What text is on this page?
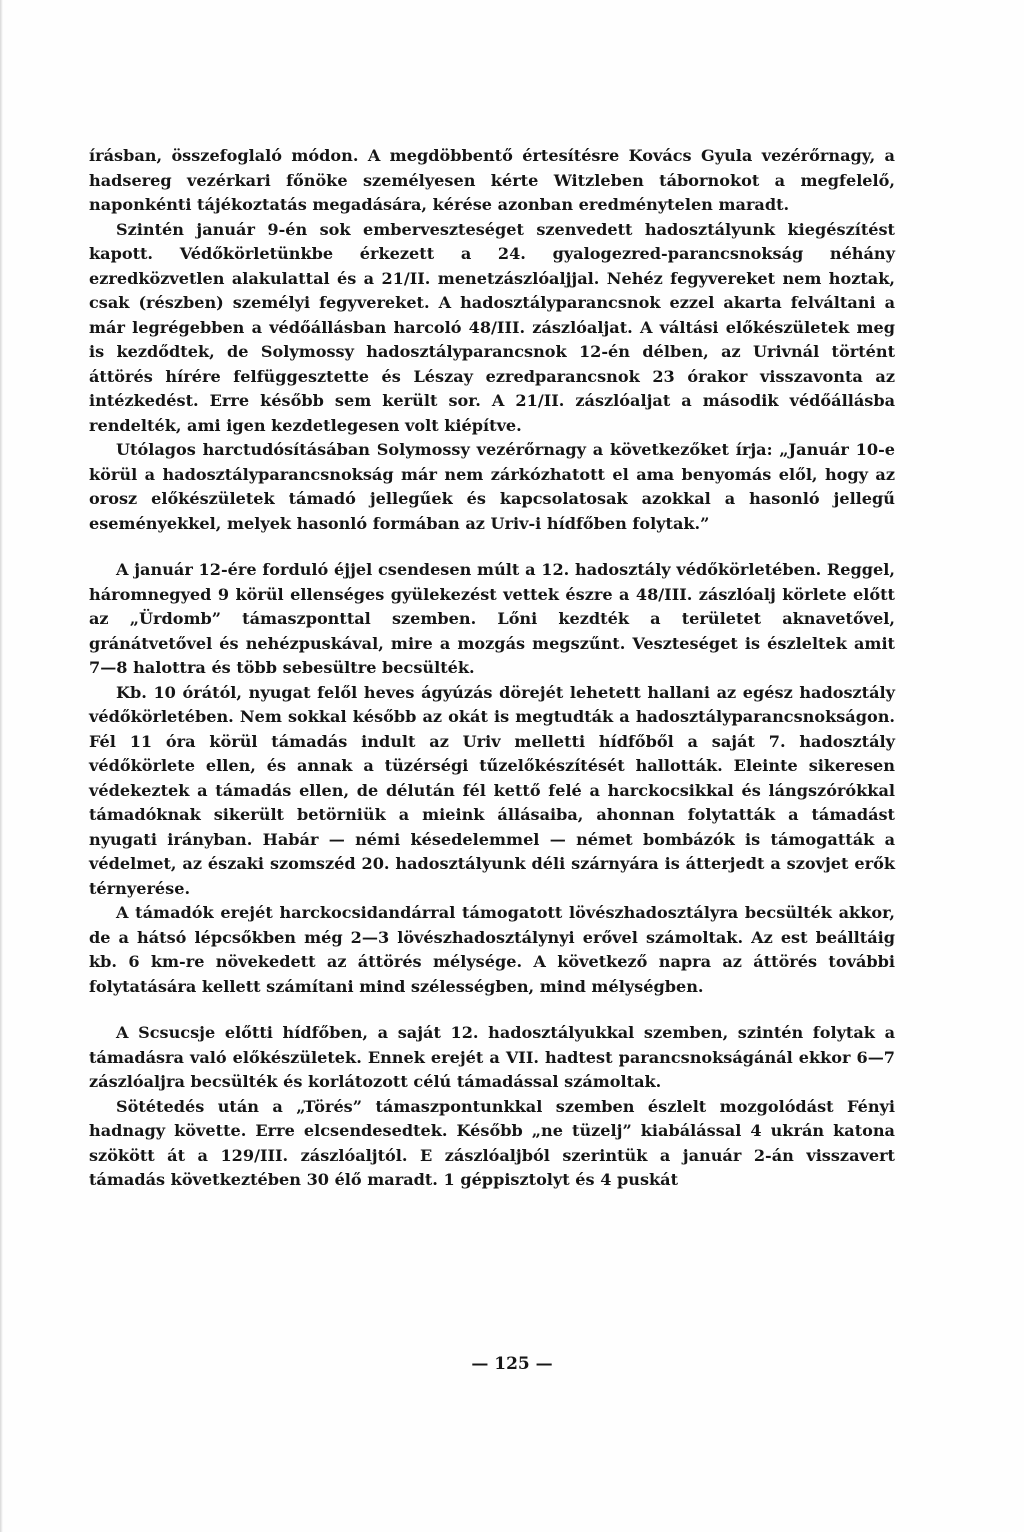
írásban, összefoglaló módon. A megdöbbentő értesítésre Kovács Gyula vezérőrnagy, a hadsereg vezérkari főnöke személyesen kérte Witzleben tábornokot a megfelelő, naponkénti tájékoztatás megadására, kérése azonban eredménytelen maradt.

Szintén január 9-én sok emberveszteséget szenvedett hadosztályunk kiegészítést kapott. Védőkörletünkbe érkezett a 24. gyalogezred-parancsnokság néhány ezredközvetlen alakulattal és a 21/II. menetzászlóaljjal. Nehéz fegyvereket nem hoztak, csak (részben) személyi fegyvereket. A hadosztályparancsnok ezzel akarta felváltani a már legrégebben a védőállásban harcoló 48/III. zászlóaljat. A váltási előkészületek meg is kezdődtek, de Solymossy hadosztályparancsnok 12-én délben, az Urivnál történt áttörés hírére felfüggesztette és Lészay ezredparancsnok 23 órakor visszavonta az intézkedést. Erre később sem került sor. A 21/II. zászlóaljat a második védőállásba rendelték, ami igen kezdetlegesen volt kiépítve.

Utólagos harctudósításában Solymossy vezérőrnagy a következőket írja: „Január 10-e körül a hadosztályparancsnokság már nem zárkózhatott el ama benyomás elől, hogy az orosz előkészületek támadó jellegűek és kapcsolatosak azokkal a hasonló jellegű eseményekkel, melyek hasonló formában az Uriv-i hídfőben folytak.”

A január 12-ére forduló éjjel csendesen múlt a 12. hadosztály védőkörletében. Reggel, háromnegyed 9 körül ellenséges gyülekezést vettek észre a 48/III. zászlóalj körlete előtt az „Ürdomb” támaszponttal szemben. Lőni kezdték a területet aknavetővel, gránátvetővel és nehézpuskával, mire a mozgás megszűnt. Veszteséget is észleltek amit 7—8 halottra és több sebesültre becsülték.

Kb. 10 órától, nyugat felől heves ágyúzás dörejét lehetett hallani az egész hadosztály védőkörletében. Nem sokkal később az okát is megtudták a hadosztályparancsnokságon. Fél 11 óra körül támadás indult az Uriv melletti hídfőből a saját 7. hadosztály védőkörlete ellen, és annak a tüzérségi tűzelőkészítését hallották. Eleinte sikeresen védekeztek a támadás ellen, de délután fél kettő felé a harckocsikkal és lángszórókkal támadóknak sikerült betörniük a mieink állásaiba, ahonnan folytatták a támadást nyugati irányban. Habár — némi késedelemmel — német bombázók is támogatták a védelmet, az északi szomszéd 20. hadosztályunk déli szárnyára is átterjedt a szovjet erők térnyerése.

A támadók erejét harckocsidandárral támogatott lövészhadosztályra becsülték akkor, de a hátsó lépcsőkben még 2—3 lövészhadosztálynyi erővel számoltak. Az est beálltáig kb. 6 km-re növekedett az áttörés mélysége. A következő napra az áttörés további folytatására kellett számítani mind szélességben, mind mélységben.

A Scsucsje előtti hídfőben, a saját 12. hadosztályukkal szemben, szintén folytak a támadásra való előkészületek. Ennek erejét a VII. hadtest parancsnokságánál ekkor 6—7 zászlóaljra becsülték és korlátozott célú támadással számoltak.

Sötétedés után a „Törés” támaszpontunkkal szemben észlelt mozgolódást Fényi hadnagy követte. Erre elcsendesedtek. Később „ne tüzelj” kiabálással 4 ukrán katona szökött át a 129/III. zászlóaljtól. E zászlóaljból szerintük a január 2-án visszavert támadás következtében 30 élő maradt. 1 géppisztolyt és 4 puskát

— 125 —
